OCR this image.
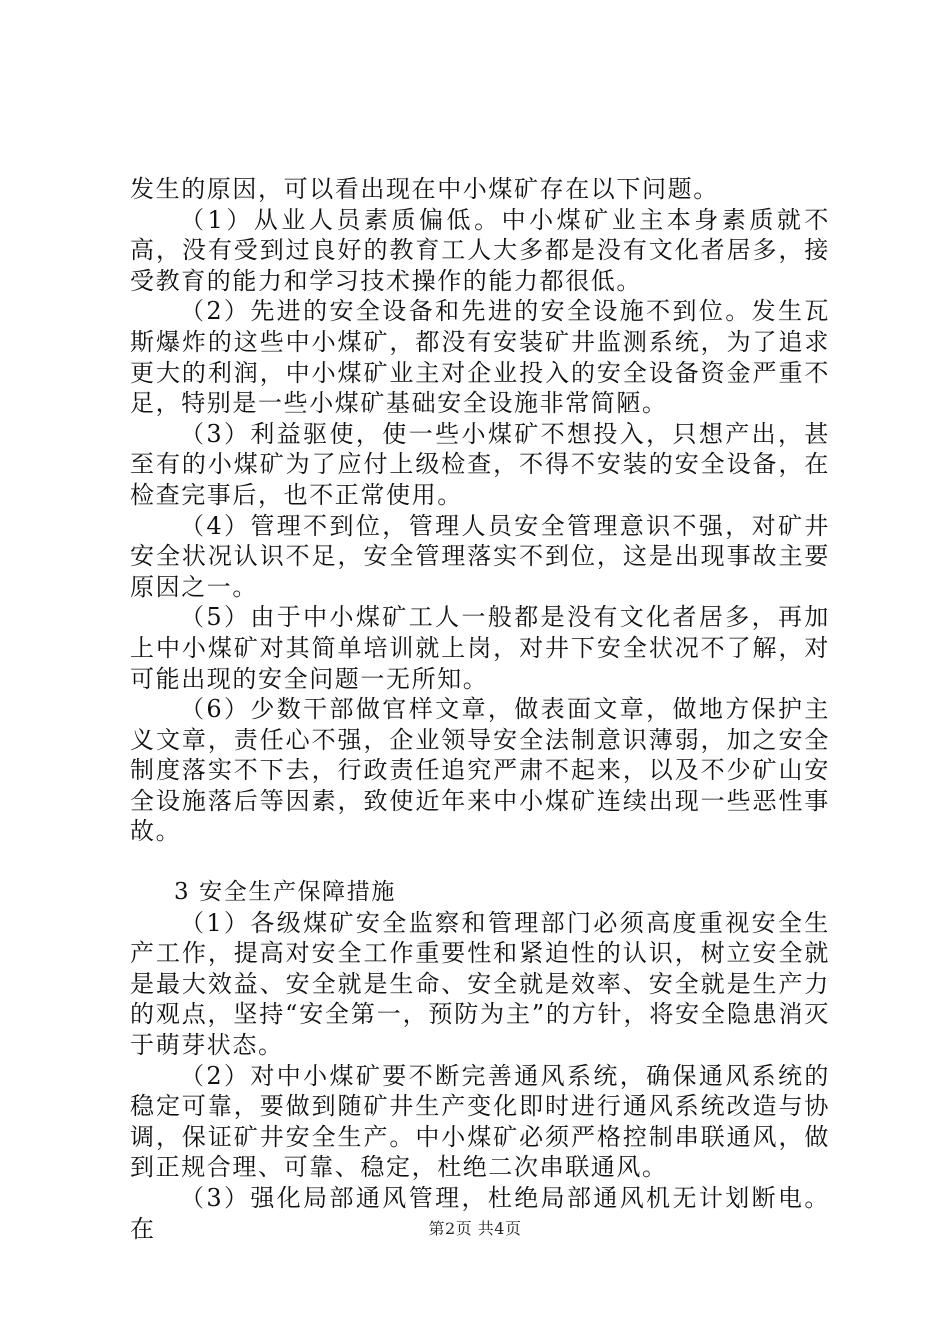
发生的原因，可以看出现在中小煤矿存在以下问题。

（1）从业人员素质偏低。中小煤矿业主本身素质就不高，没有受到过良好的教育工人大多都是没有文化者居多，接受教育的能力和学习技术操作的能力都很低。

（2）先进的安全设备和先进的安全设施不到位。发生瓦斯爆炸的这些中小煤矿，都没有安装矿井监测系统，为了追求更大的利润，中小煤矿业主对企业投入的安全设备资金严重不足，特别是一些小煤矿基础安全设施非常简陋。

（3）利益驱使，使一些小煤矿不想投入，只想产出，甚至有的小煤矿为了应付上级检查，不得不安装的安全设备，在检查完事后，也不正常使用。

（4）管理不到位，管理人员安全管理意识不强，对矿井安全状况认识不足，安全管理落实不到位，这是出现事故主要原因之一。

（5）由于中小煤矿工人一般都是没有文化者居多，再加上中小煤矿对其简单培训就上岗，对井下安全状况不了解，对可能出现的安全问题一无所知。

（6）少数干部做官样文章，做表面文章，做地方保护主义文章，责任心不强，企业领导安全法制意识薄弱，加之安全制度落实不下去，行政责任追究严肃不起来，以及不少矿山安全设施落后等因素，致使近年来中小煤矿连续出现一些恶性事故。

3 安全生产保障措施

（1）各级煤矿安全监察和管理部门必须高度重视安全生产工作，提高对安全工作重要性和紧迫性的认识，树立安全就是最大效益、安全就是生命、安全就是效率、安全就是生产力的观点，坚持“安全第一，预防为主”的方针，将安全隐患消灭于萌芽状态。

（2）对中小煤矿要不断完善通风系统，确保通风系统的稳定可靠，要做到随矿井生产变化即时进行通风系统改造与协调，保证矿井安全生产。中小煤矿必须严格控制串联通风，做到正规合理、可靠、稳定，杜绝二次串联通风。

（3）强化局部通风管理，杜绝局部通风机无计划断电。在	第2页 共4页
